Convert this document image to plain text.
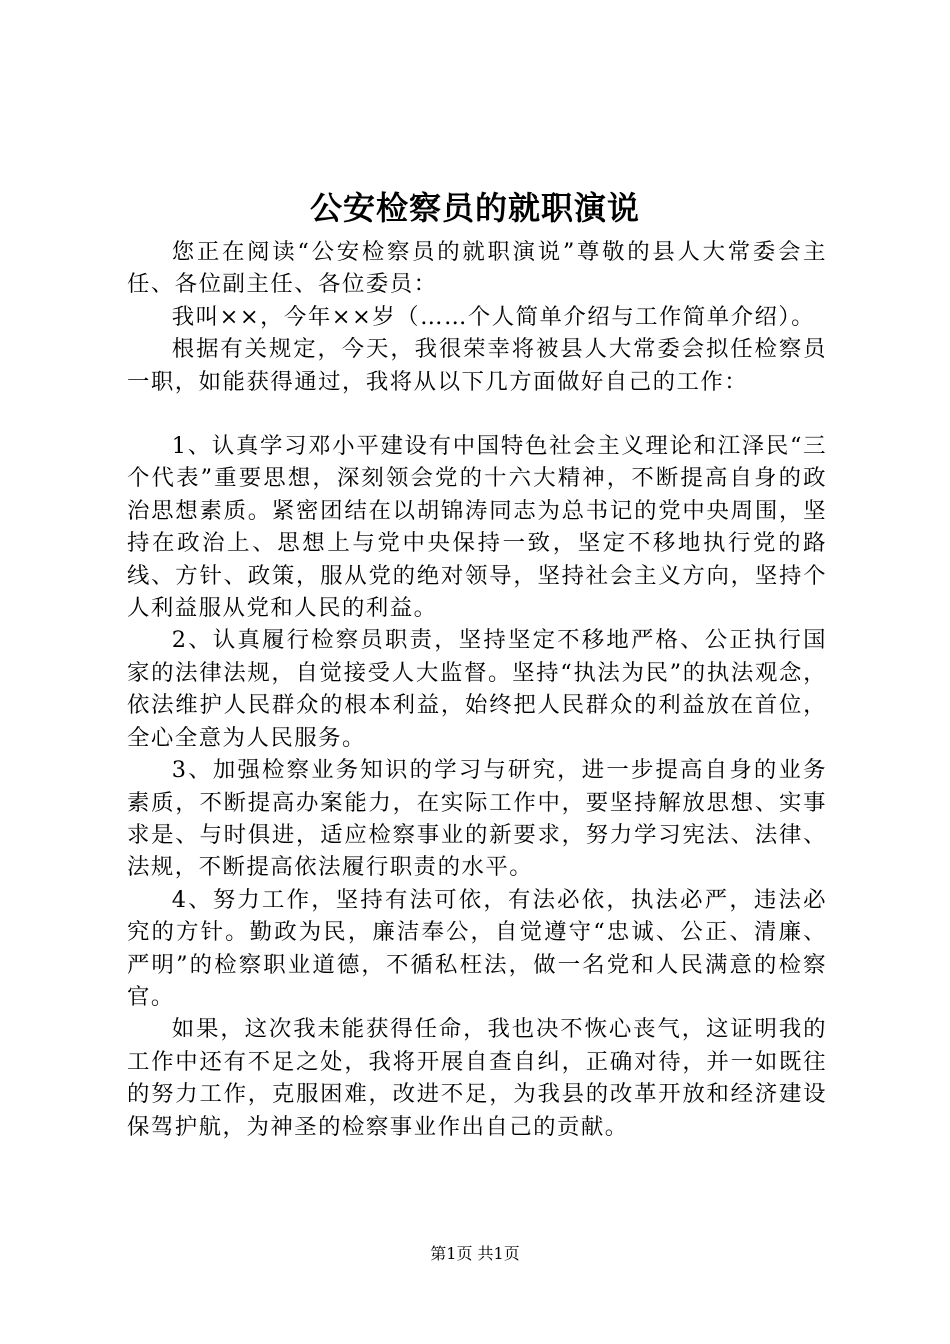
公安检察员的就职演说

您正在阅读“公安检察员的就职演说”尊敬的县人大常委会主任、各位副主任、各位委员：

我叫××，今年××岁（……个人简单介绍与工作简单介绍）。

根据有关规定，今天，我很荣幸将被县人大常委会拟任检察员一职，如能获得通过，我将从以下几方面做好自己的工作：

1、认真学习邓小平建设有中国特色社会主义理论和江泽民“三个代表”重要思想，深刻领会党的十六大精神，不断提高自身的政治思想素质。紧密团结在以胡锦涛同志为总书记的党中央周围，坚持在政治上、思想上与党中央保持一致，坚定不移地执行党的路线、方针、政策，服从党的绝对领导，坚持社会主义方向，坚持个人利益服从党和人民的利益。

2、认真履行检察员职责，坚持坚定不移地严格、公正执行国家的法律法规，自觉接受人大监督。坚持“执法为民”的执法观念，依法维护人民群众的根本利益，始终把人民群众的利益放在首位，全心全意为人民服务。

3、加强检察业务知识的学习与研究，进一步提高自身的业务素质，不断提高办案能力，在实际工作中，要坚持解放思想、实事求是、与时俱进，适应检察事业的新要求，努力学习宪法、法律、法规，不断提高依法履行职责的水平。

4、努力工作，坚持有法可依，有法必依，执法必严，违法必究的方针。勤政为民，廉洁奉公，自觉遵守“忠诚、公正、清廉、严明”的检察职业道德，不循私枉法，做一名党和人民满意的检察官。

如果，这次我未能获得任命，我也决不恢心丧气，这证明我的工作中还有不足之处，我将开展自查自纠，正确对待，并一如既往的努力工作，克服困难，改进不足，为我县的改革开放和经济建设保驾护航，为神圣的检察事业作出自己的贡献。

第1页 共1页
